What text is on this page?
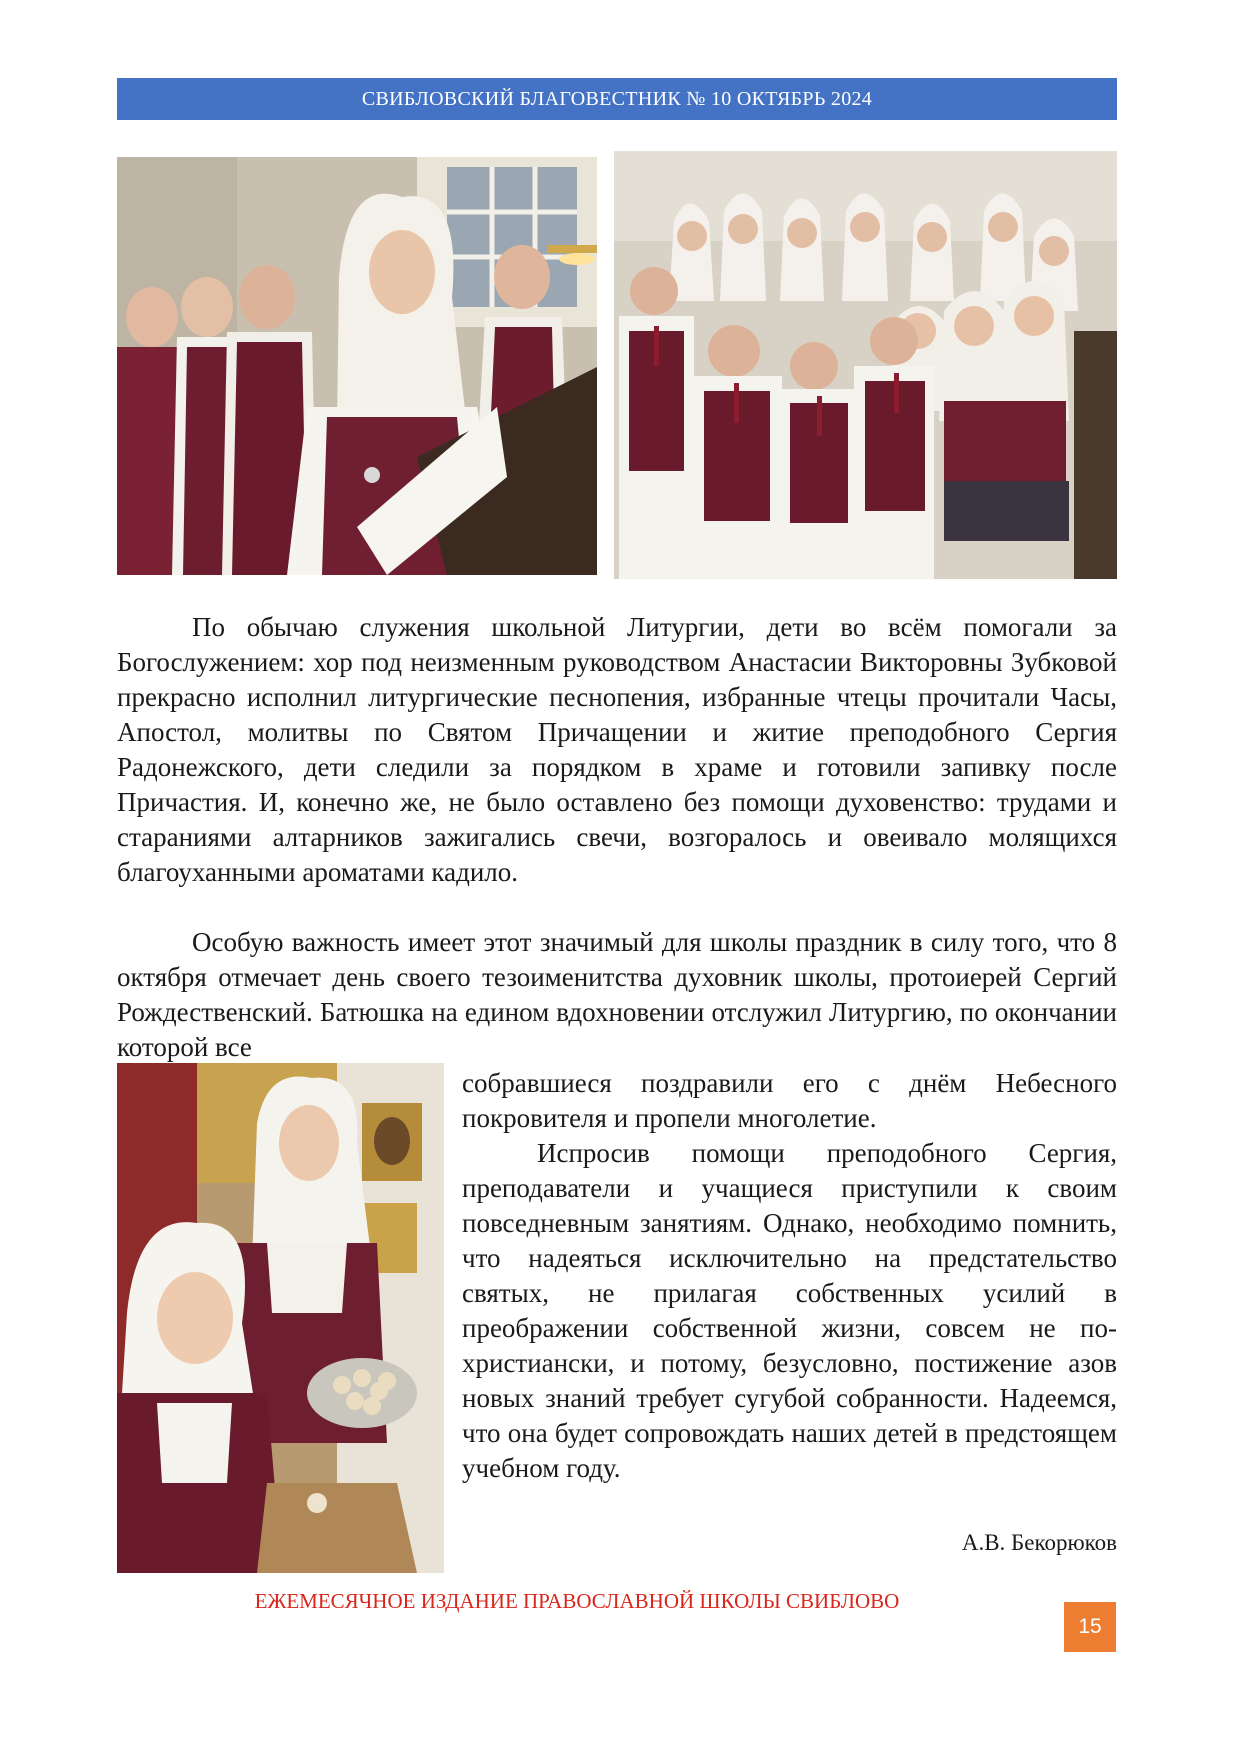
СВИБЛОВСКИЙ БЛАГОВЕСТНИК № 10 ОКТЯБРЬ 2024

По обычаю служения школьной Литургии, дети во всём помогали за Богослужением: хор под неизменным руководством Анастасии Викторовны Зубковой прекрасно исполнил литургические песнопения, избранные чтецы прочитали Часы, Апостол, молитвы по Святом Причащении и житие преподобного Сергия Радонежского, дети следили за порядком в храме и готовили запивку после Причастия. И, конечно же, не было оставлено без помощи духовенство: трудами и стараниями алтарников зажигались свечи, возгоралось и овеивало молящихся благоуханными ароматами кадило.

Особую важность имеет этот значимый для школы праздник в силу того, что 8 октября отмечает день своего тезоименитства духовник школы, протоиерей Сергий Рождественский. Батюшка на едином вдохновении отслужил Литургию, по окончании которой все

собравшиеся поздравили его с днём Небесного покровителя и пропели многолетие.

Испросив помощи преподобного Сергия, преподаватели и учащиеся приступили к своим повседневным занятиям. Однако, необходимо помнить, что надеяться исключительно на предстательство святых, не прилагая собственных усилий в преображении собственной жизни, совсем не по-христиански, и потому, безусловно, постижение азов новых знаний требует сугубой собранности. Надеемся, что она будет сопровождать наших детей в предстоящем учебном году.

А.В. Бекорюков
ЕЖЕМЕСЯЧНОЕ ИЗДАНИЕ ПРАВОСЛАВНОЙ ШКОЛЫ СВИБЛОВО
15
